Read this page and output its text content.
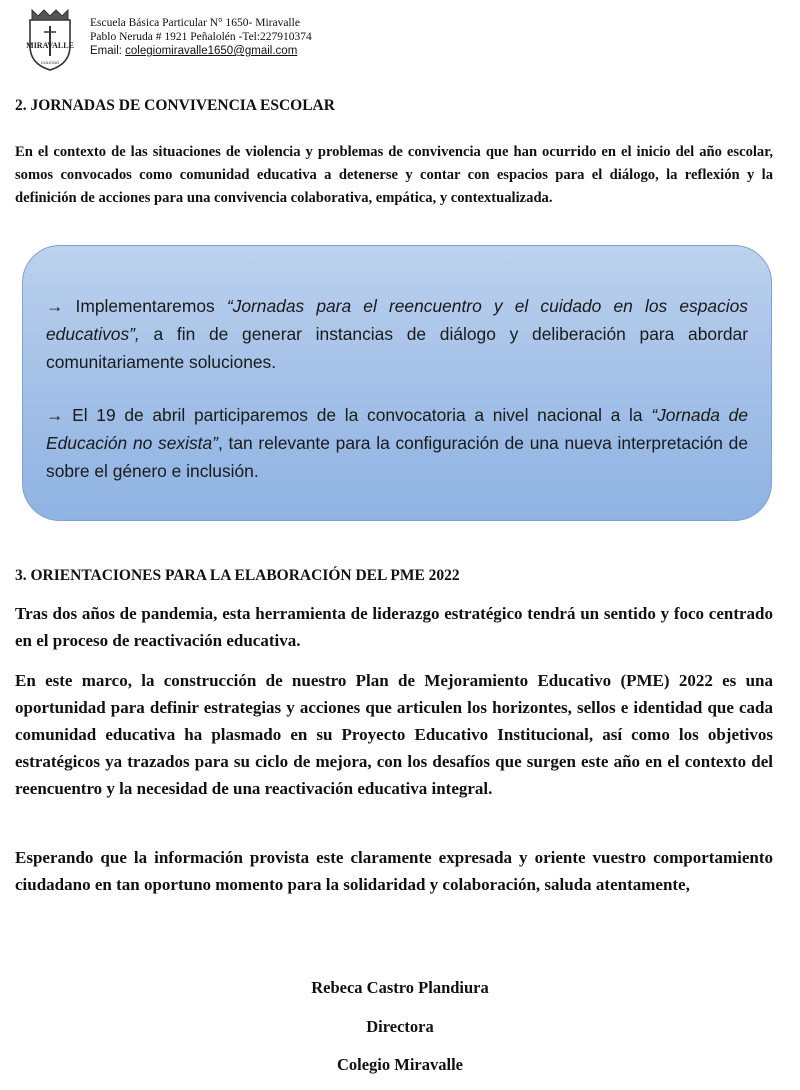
MIRAVALLE
COLEGIO
Escuela Básica Particular N° 1650- Miravalle
Pablo Neruda # 1921 Peñalolén -Tel:227910374
Email: colegiomiravalle1650@gmail.com
2. JORNADAS DE CONVIVENCIA ESCOLAR
En el contexto de las situaciones de violencia y problemas de convivencia que han ocurrido en el inicio del año escolar, somos convocados como comunidad educativa a detenerse y contar con espacios para el diálogo, la reflexión y la definición de acciones para una convivencia colaborativa, empática, y contextualizada.
→ Implementaremos “Jornadas para el reencuentro y el cuidado en los espacios educativos”, a fin de generar instancias de diálogo y deliberación para abordar comunitariamente soluciones.
→ El 19 de abril participaremos de la convocatoria a nivel nacional a la “Jornada de Educación no sexista”, tan relevante para la configuración de una nueva interpretación de sobre el género e inclusión.
3. ORIENTACIONES PARA LA ELABORACIÓN DEL PME 2022
Tras dos años de pandemia, esta herramienta de liderazgo estratégico tendrá un sentido y foco centrado en el proceso de reactivación educativa.
En este marco, la construcción de nuestro Plan de Mejoramiento Educativo (PME) 2022 es una oportunidad para definir estrategias y acciones que articulen los horizontes, sellos e identidad que cada comunidad educativa ha plasmado en su Proyecto Educativo Institucional, así como los objetivos estratégicos ya trazados para su ciclo de mejora, con los desafíos que surgen este año en el contexto del reencuentro y la necesidad de una reactivación educativa integral.
Esperando que la información provista este claramente expresada y oriente vuestro comportamiento ciudadano en tan oportuno momento para la solidaridad y colaboración, saluda atentamente,
Rebeca Castro Plandiura
Directora
Colegio Miravalle
